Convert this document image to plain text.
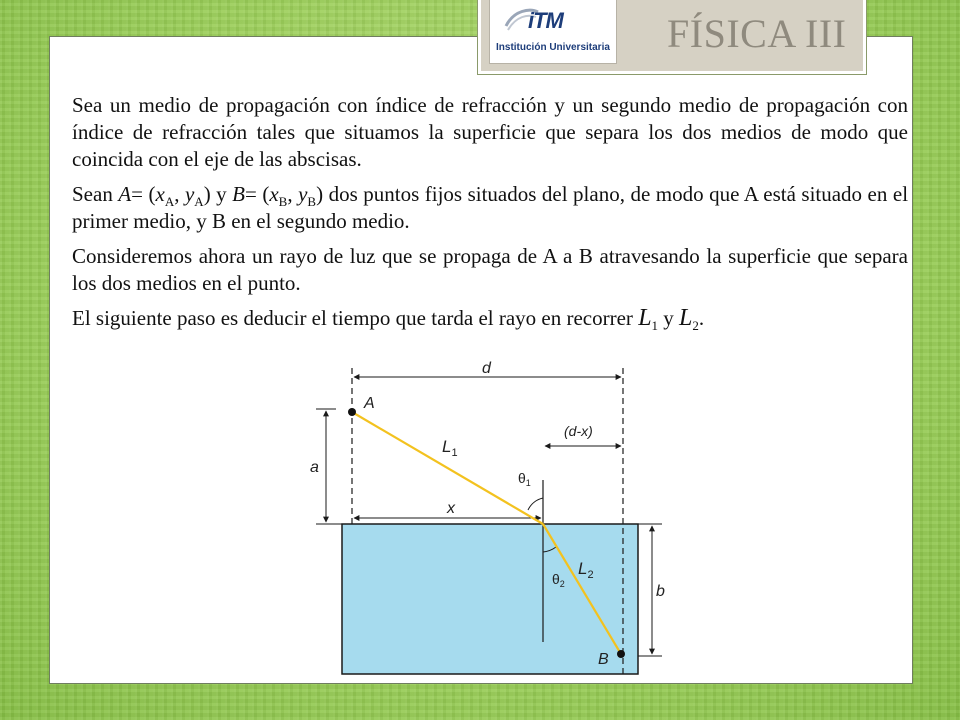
iTM
Institución Universitaria FÍSICA III

Sea un medio de propagación con índice de refracción y un segundo medio de propagación con índice de refracción tales que situamos la superficie que separa los dos medios de modo que coincida con el eje de las abscisas.

Sean $A= (x_A$, $y_A$) y $B= (x_B$, $y_B$) dos puntos fijos situados del plano, de modo que A está situado en el primer medio, y B en el segundo medio.

Consideremos ahora un rayo de luz que se propaga de A a B atravesando la superficie que separa los dos medios en el punto.

El siguiente paso es deducir el tiempo que tarda el rayo en recorrer $L_1$ y $L_2$.

d
(d-x)
x
a
b
A
B
$L_1$
$L_2$
$\theta_1$
$\theta_2$
